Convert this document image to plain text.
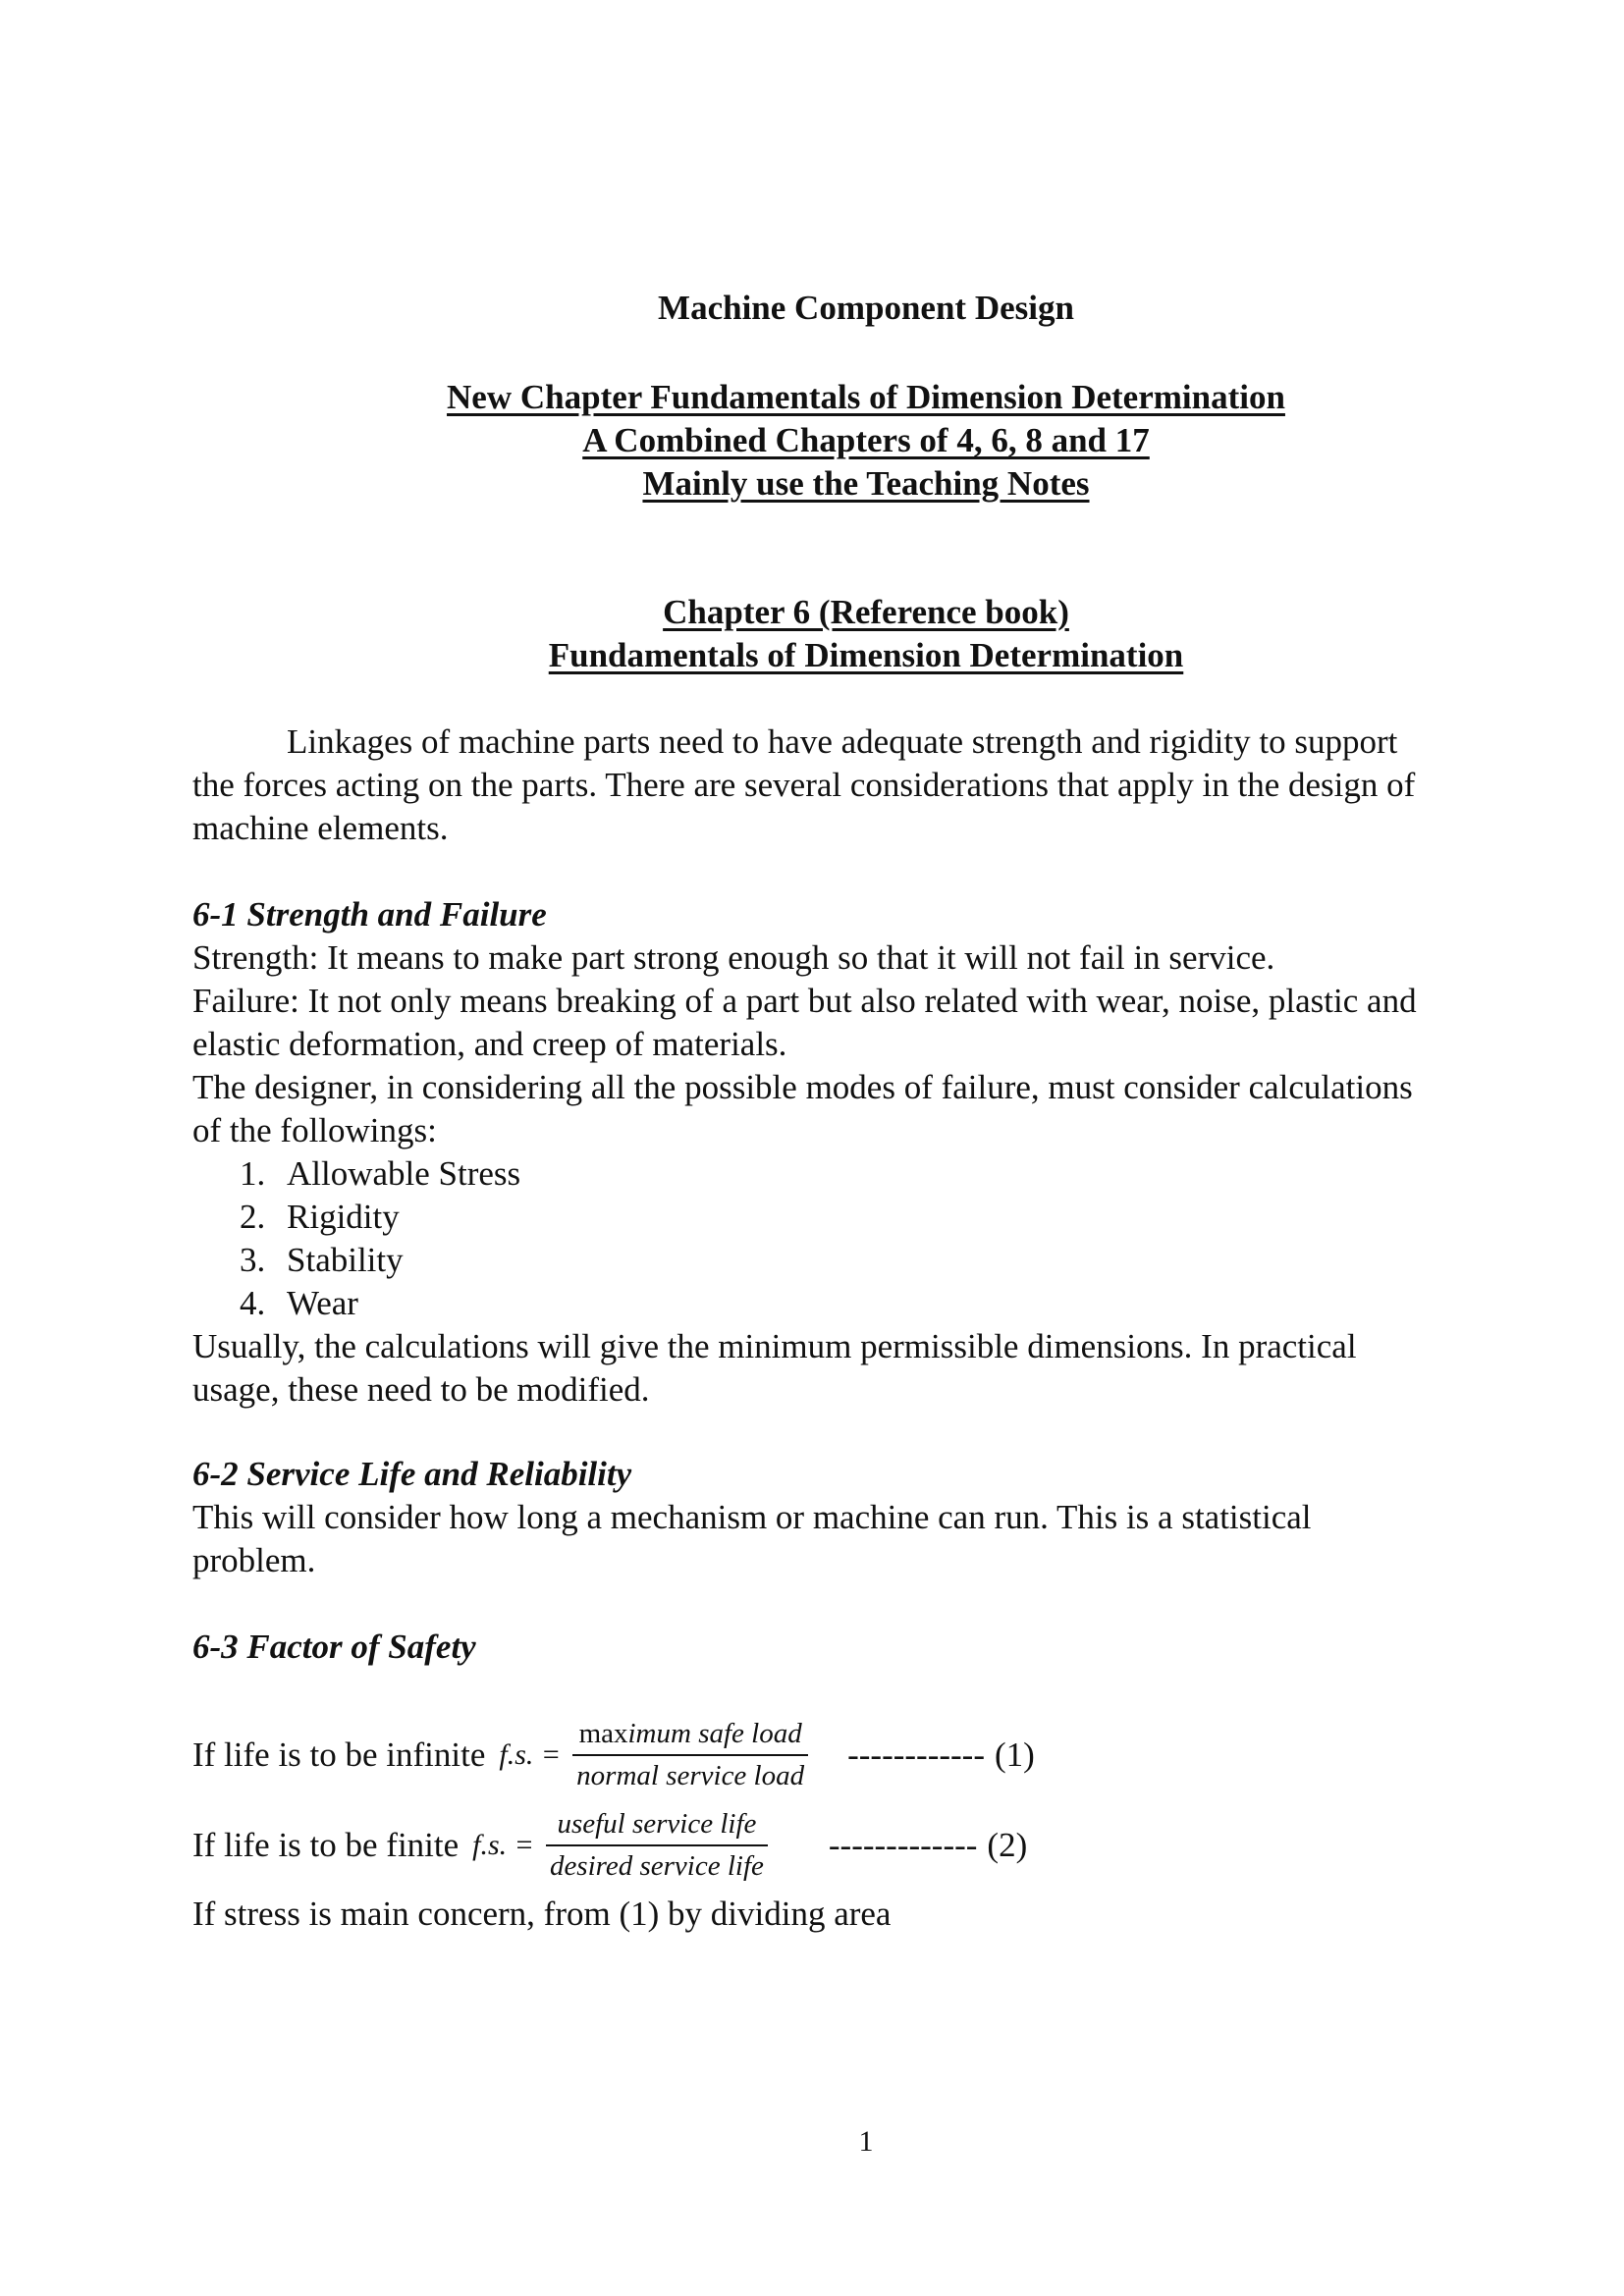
Machine Component Design
New Chapter Fundamentals of Dimension Determination
A Combined Chapters of 4, 6, 8 and 17
Mainly use the Teaching Notes
Chapter 6 (Reference book)
Fundamentals of Dimension Determination
Linkages of machine parts need to have adequate strength and rigidity to support the forces acting on the parts. There are several considerations that apply in the design of machine elements.
6-1 Strength and Failure
Strength: It means to make part strong enough so that it will not fail in service.
Failure: It not only means breaking of a part but also related with wear, noise, plastic and elastic deformation, and creep of materials.
The designer, in considering all the possible modes of failure, must consider calculations of the followings:
1. Allowable Stress
2. Rigidity
3. Stability
4. Wear
Usually, the calculations will give the minimum permissible dimensions. In practical usage, these need to be modified.
6-2 Service Life and Reliability
This will consider how long a mechanism or machine can run. This is a statistical problem.
6-3 Factor of Safety
If life is to be infinite f.s. = $\frac{\text{maximum safe load}}{\text{normal service load}}$ ------------ (1)
If life is to be finite f.s. = $\frac{\text{useful service life}}{\text{desired service life}}$ ------------- (2)
If stress is main concern, from (1) by dividing area
1
